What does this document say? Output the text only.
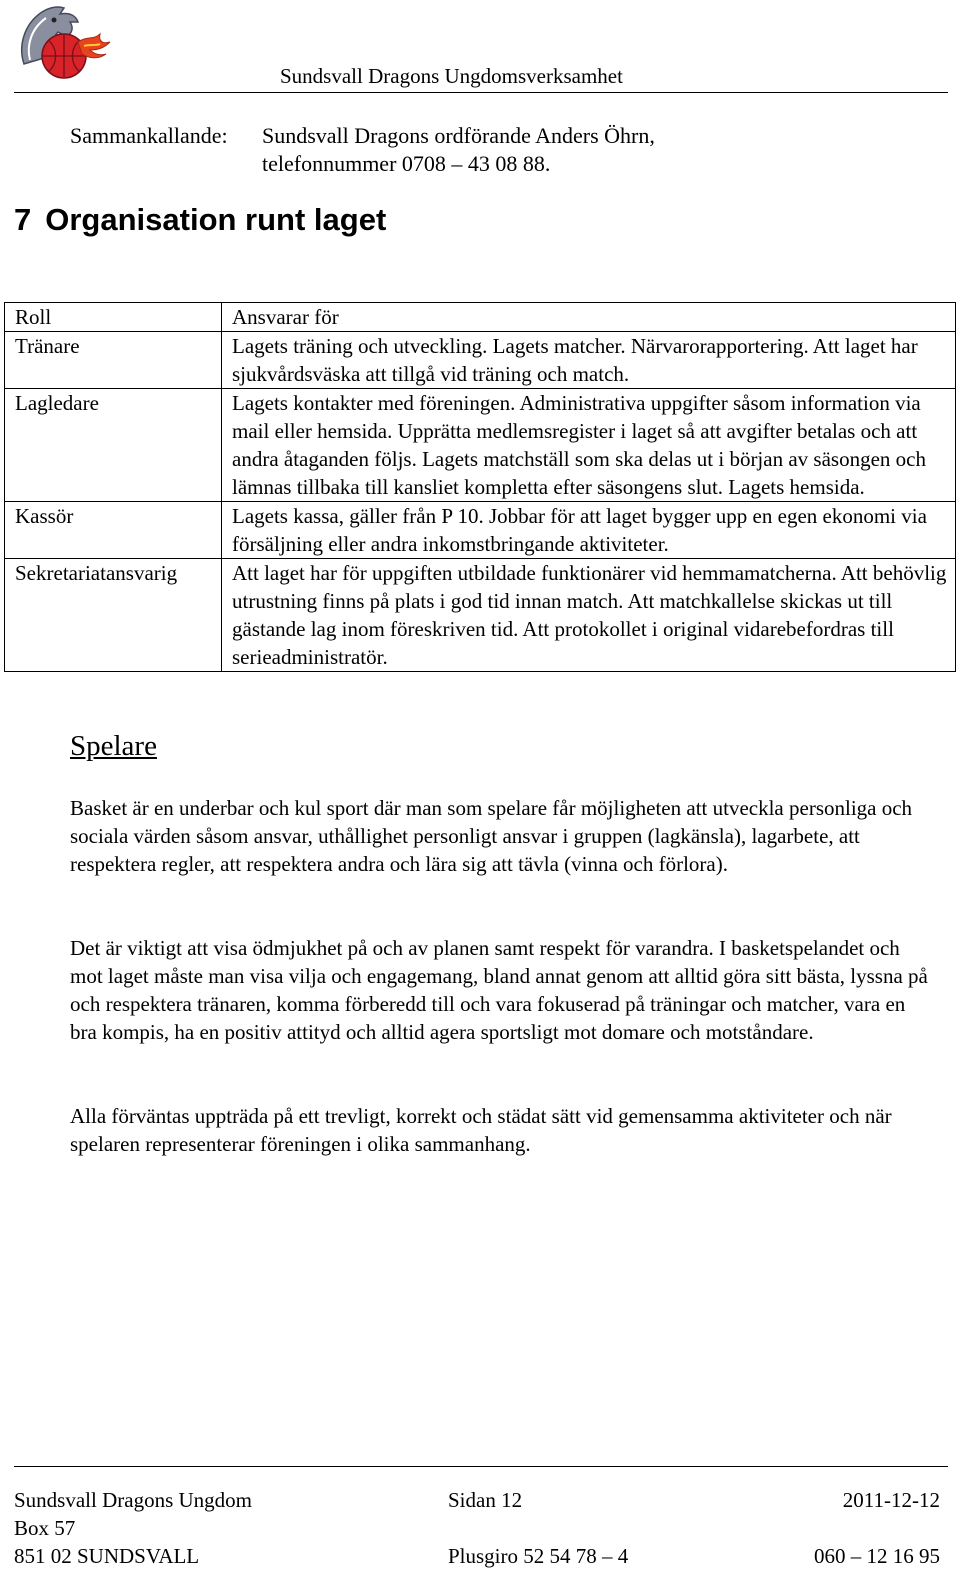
Sundsvall Dragons Ungdomsverksamhet
Sammankallande: Sundsvall Dragons ordförande Anders Öhrn,
telefonnummer 0708 – 43 08 88.
7 Organisation runt laget
Roll	Ansvarar för
Tränare	Lagets träning och utveckling. Lagets matcher. Närvarorapportering. Att laget har sjukvårdsväska att tillgå vid träning och match.
Lagledare	Lagets kontakter med föreningen. Administrativa uppgifter såsom information via mail eller hemsida. Upprätta medlemsregister i laget så att avgifter betalas och att andra åtaganden följs. Lagets matchställ som ska delas ut i början av säsongen och lämnas tillbaka till kansliet kompletta efter säsongens slut. Lagets hemsida.
Kassör	Lagets kassa, gäller från P 10. Jobbar för att laget bygger upp en egen ekonomi via försäljning eller andra inkomstbringande aktiviteter.
Sekretariatansvarig	Att laget har för uppgiften utbildade funktionärer vid hemmamatcherna. Att behövlig utrustning finns på plats i god tid innan match. Att matchkallelse skickas ut till gästande lag inom föreskriven tid. Att protokollet i original vidarebefordras till serieadministratör.
Spelare

Basket är en underbar och kul sport där man som spelare får möjligheten att utveckla personliga och sociala värden såsom ansvar, uthållighet personligt ansvar i gruppen (lagkänsla), lagarbete, att respektera regler, att respektera andra och lära sig att tävla (vinna och förlora).

Det är viktigt att visa ödmjukhet på och av planen samt respekt för varandra. I basketspelandet och mot laget måste man visa vilja och engagemang, bland annat genom att alltid göra sitt bästa, lyssna på och respektera tränaren, komma förberedd till och vara fokuserad på träningar och matcher, vara en bra kompis, ha en positiv attityd och alltid agera sportsligt mot domare och motståndare.

Alla förväntas uppträda på ett trevligt, korrekt och städat sätt vid gemensamma aktiviteter och när spelaren representerar föreningen i olika sammanhang.

Sundsvall Dragons Ungdom	Sidan 12	2011-12-12
Box 57
851 02 SUNDSVALL	Plusgiro 52 54 78 – 4	060 – 12 16 95
